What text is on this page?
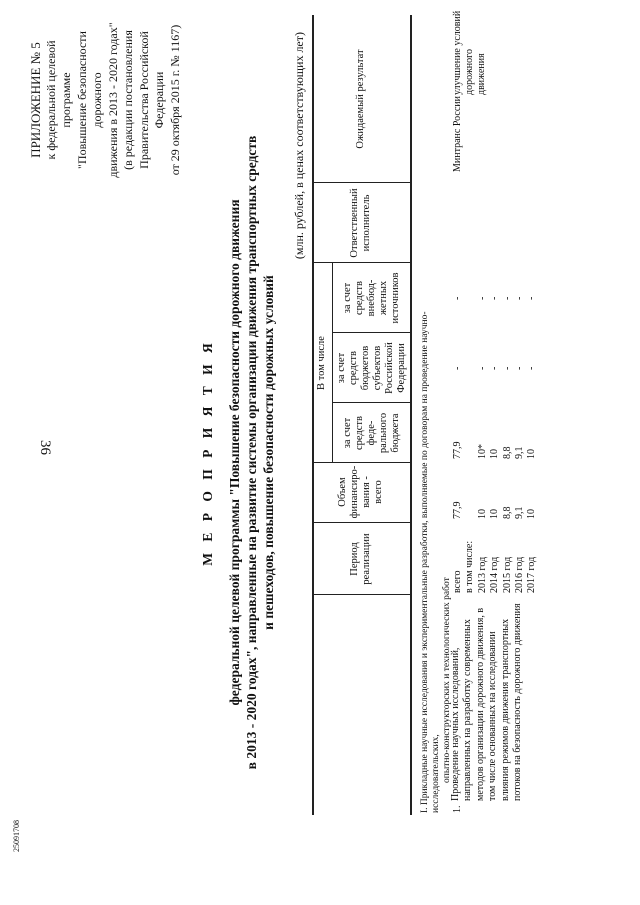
36
25091708
ПРИЛОЖЕНИЕ № 5 к федеральной целевой программе "Повышение безопасности дорожного движения в 2013 - 2020 годах" (в редакции постановления Правительства Российской Федерации от 29 октября 2015 г. № 1167)
М Е Р О П Р И Я Т И Я федеральной целевой программы "Повышение безопасности дорожного движения в 2013 - 2020 годах", направленные на развитие системы организации движения транспортных средств и пешеходов, повышение безопасности дорожных условий
(млн. рублей, в ценах соответствующих лет)
Период реализации
Объем финансиро-вания - всего
В том числе
за счет средств феде-рального бюджета
за счет средств бюджетов субъектов Российской Федерации
за счет средств внебюд-жетных источников
Ответственный исполнитель
Ожидаемый результат
I. Прикладные научные исследования и экспериментальные разработки, выполняемые по договорам на проведение научно-исследовательских, опытно-конструкторских и технологических работ
1.
Проведение научных исследований, направленных на разработку современных методов организации дорожного движения, в том числе основанных на исследовании влияния режимов движения транспортных потоков на безопасность дорожного движения
всего в том числе: 2013 год 2014 год 2015 год 2016 год 2017 год
77,9 10 10 8,8 9,1 10
77,9 10* 10 8,8 9,1 10
- - - - - -
- - - - - -
Минтранс России
улучшение условий дорожного движения
